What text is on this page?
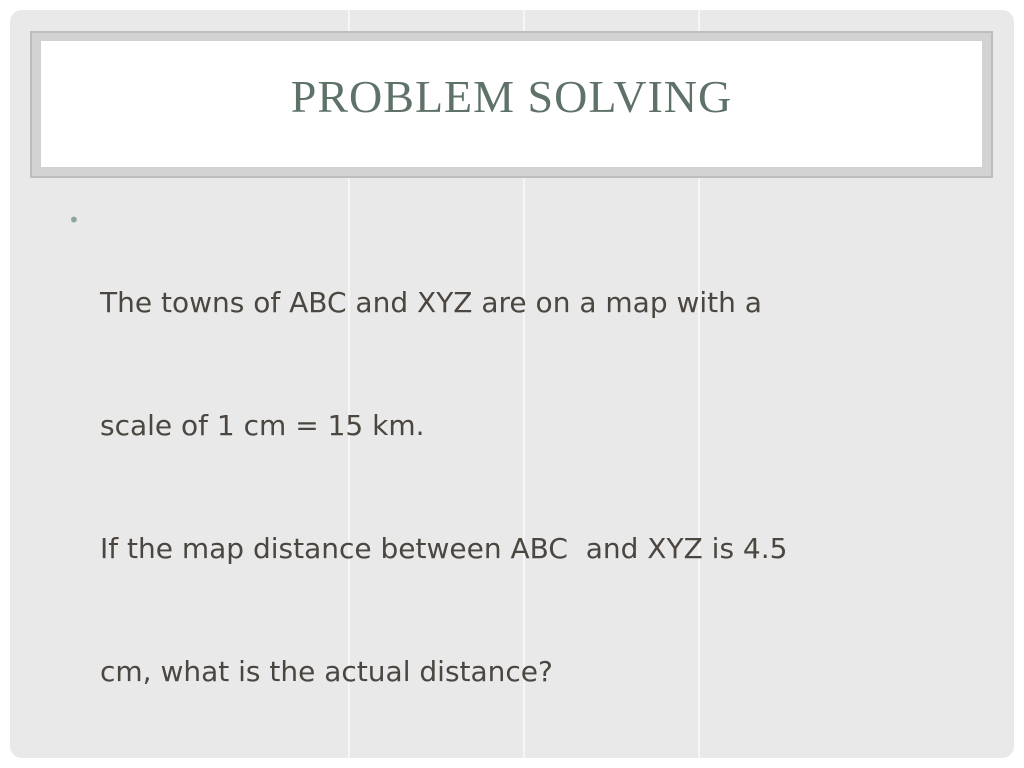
PROBLEM SOLVING
•

The towns of ABC and XYZ are on a map with a

scale of 1 cm = 15 km.

If the map distance between ABC  and XYZ is 4.5

cm, what is the actual distance?
